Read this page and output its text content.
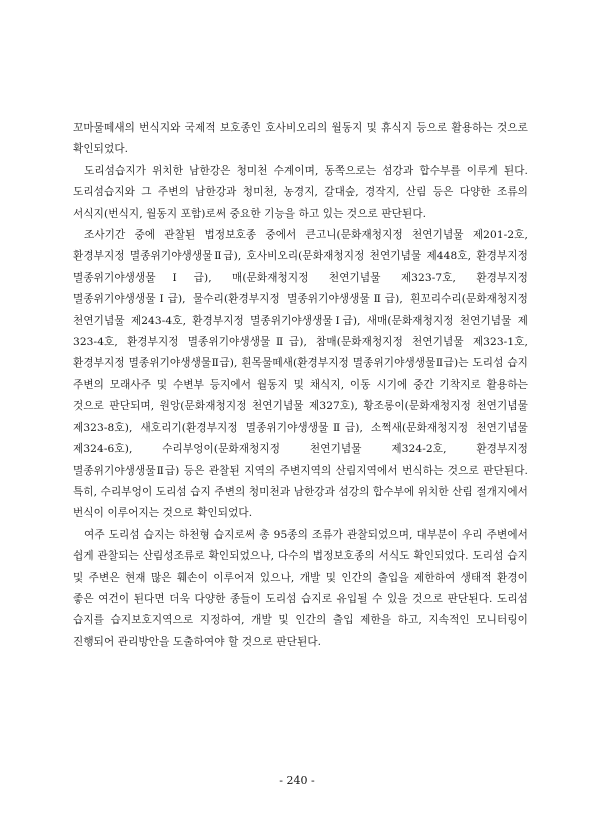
꼬마물떼새의 번식지와 국제적 보호종인 호사비오리의 월동지 및 휴식지 등으로 활용하는 것으로 확인되었다.

도리섬습지가 위치한 남한강은 청미천 수계이며, 동쪽으로는 섬강과 합수부를 이루게 된다. 도리섬습지와 그 주변의 남한강과 청미천, 농경지, 갈대숲, 경작지, 산림 등은 다양한 조류의 서식지(번식지, 월동지 포함)로써 중요한 기능을 하고 있는 것으로 판단된다.

조사기간 중에 관찰된 법정보호종 중에서 큰고니(문화재청지정 천연기념물 제201-2호, 환경부지정 멸종위기야생생물Ⅱ급), 호사비오리(문화재청지정 천연기념물 제448호, 환경부지정 멸종위기야생생물Ⅰ급), 매(문화재청지정 천연기념물 제323-7호, 환경부지정 멸종위기야생생물Ⅰ급), 물수리(환경부지정 멸종위기야생생물Ⅱ급), 흰꼬리수리(문화재청지정 천연기념물 제243-4호, 환경부지정 멸종위기야생생물Ⅰ급), 새매(문화재청지정 천연기념물 제 323-4호, 환경부지정 멸종위기야생생물Ⅱ급), 참매(문화재청지정 천연기념물 제323-1호, 환경부지정 멸종위기야생생물Ⅱ급), 흰목물떼새(환경부지정 멸종위기야생생물Ⅱ급)는 도리섬 습지 주변의 모래사주 및 수변부 등지에서 월동지 및 채식지, 이동 시기에 중간 기착지로 활용하는 것으로 판단되며, 원앙(문화재청지정 천연기념물 제327호), 황조롱이(문화재청지정 천연기념물 제323-8호), 새호리기(환경부지정 멸종위기야생생물Ⅱ급), 소쩍새(문화재청지정 천연기념물 제324-6호), 수리부엉이(문화재청지정 천연기념물 제324-2호, 환경부지정 멸종위기야생생물Ⅱ급) 등은 관찰된 지역의 주변지역의 산림지역에서 번식하는 것으로 판단된다. 특히, 수리부엉이 도리섬 습지 주변의 청미천과 남한강과 섬강의 합수부에 위치한 산림 절개지에서 번식이 이루어지는 것으로 확인되었다.

여주 도리섬 습지는 하천형 습지로써 총 95종의 조류가 관찰되었으며, 대부분이 우리 주변에서 쉽게 관찰되는 산림성조류로 확인되었으나, 다수의 법정보호종의 서식도 확인되었다. 도리섬 습지 및 주변은 현재 많은 훼손이 이루어져 있으나, 개발 및 인간의 출입을 제한하여 생태적 환경이 좋은 여건이 된다면 더욱 다양한 종들이 도리섬 습지로 유입될 수 있을 것으로 판단된다. 도리섬 습지를 습지보호지역으로 지정하여, 개발 및 인간의 출입 제한을 하고, 지속적인 모니터링이 진행되어 관리방안을 도출하여야 할 것으로 판단된다.

- 240 -
